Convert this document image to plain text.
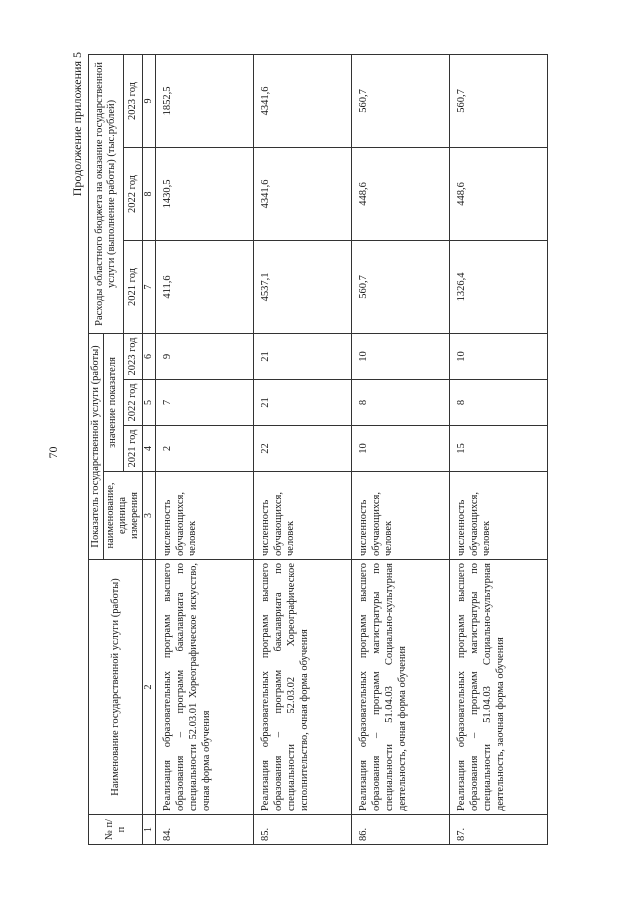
70
Продолжение приложения 5
№ п/п	Наименование государственной услуги (работы)	Показатель государственной услуги (работы)				Расходы областного бюджета на оказание государственной услуги (выполнение работы) (тыс.рублей)		
		наименование, единица измерения	значение показателя					
			2021 год	2022 год	2023 год	2021 год	2022 год	2023 год
1	2	3	4	5	6	7	8	9
84.	Реализация образовательных программ высшего образования – программ бакалавриата по специальности 52.03.01 Хореографическое искусство, очная форма обучения	численность обучающихся, человек	2	7	9	411,6	1430,5	1852,5
85.	Реализация образовательных программ высшего образования – программ бакалавриата по специальности 52.03.02 Хореографическое исполнительство, очная форма обучения	численность обучающихся, человек	22	21	21	4537,1	4341,6	4341,6
86.	Реализация образовательных программ высшего образования – программ магистратуры по специальности 51.04.03 Социально-культурная деятельность, очная форма обучения	численность обучающихся, человек	10	8	10	560,7	448,6	560,7
87.	Реализация образовательных программ высшего образования – программ магистратуры по специальности 51.04.03 Социально-культурная деятельность, заочная форма обучения	численность обучающихся, человек	15	8	10	1326,4	448,6	560,7
